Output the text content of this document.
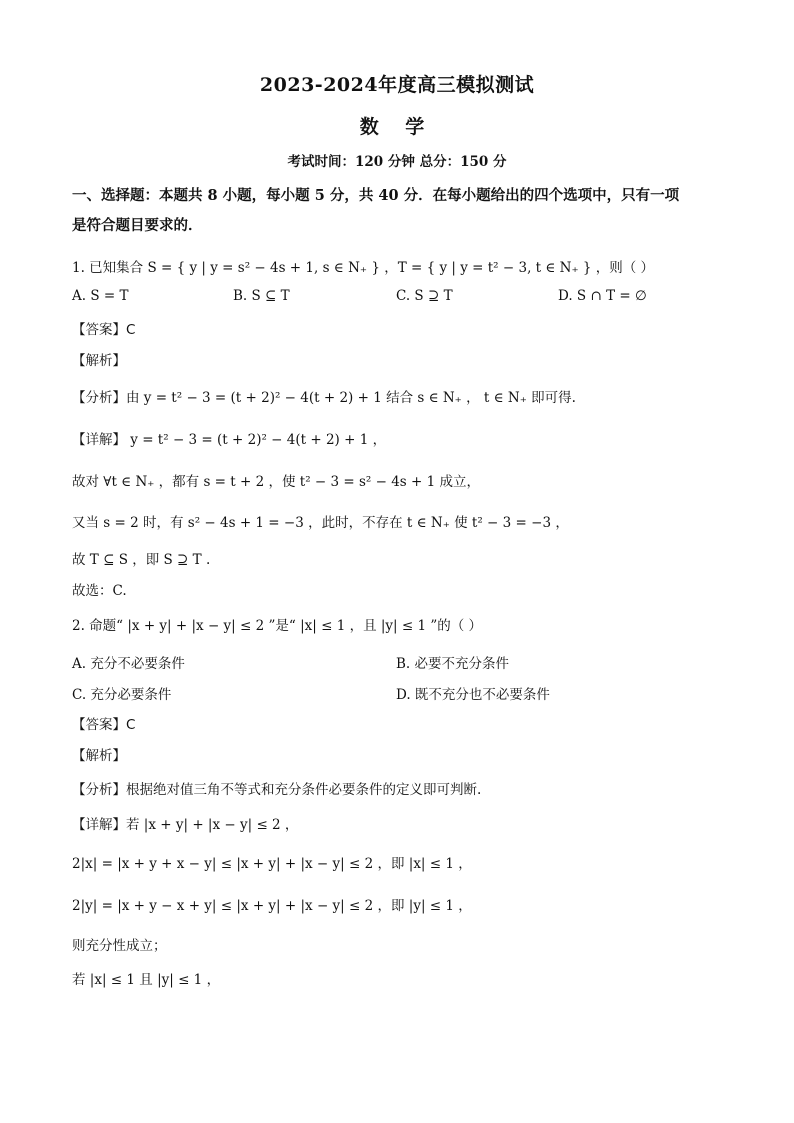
2023-2024年度高三模拟测试
数 学
考试时间：120 分钟 总分：150 分
一、选择题：本题共 8 小题，每小题 5 分，共 40 分．在每小题给出的四个选项中，只有一项
是符合题目要求的．
1. 已知集合 S = { y | y = s² − 4s + 1, s ∈ N₊ } ，T = { y | y = t² − 3, t ∈ N₊ } ，则（ ）
A. S = T	B. S ⊆ T	C. S ⊇ T	D. S ∩ T = ∅
【答案】C
【解析】
【分析】由 y = t² − 3 = (t + 2)² − 4(t + 2) + 1 结合 s ∈ N₊ ， t ∈ N₊ 即可得.
【详解】 y = t² − 3 = (t + 2)² − 4(t + 2) + 1 ，
故对 ∀t ∈ N₊ ，都有 s = t + 2 ，使 t² − 3 = s² − 4s + 1 成立，
又当 s = 2 时，有 s² − 4s + 1 = −3 ，此时，不存在 t ∈ N₊ 使 t² − 3 = −3 ，
故 T ⊆ S ，即 S ⊇ T .
故选：C.
2. 命题“ |x + y| + |x − y| ≤ 2 ”是“ |x| ≤ 1 ，且 |y| ≤ 1 ”的（ ）
A. 充分不必要条件	B. 必要不充分条件
C. 充分必要条件	D. 既不充分也不必要条件
【答案】C
【解析】
【分析】根据绝对值三角不等式和充分条件必要条件的定义即可判断.
【详解】若 |x + y| + |x − y| ≤ 2 ，
2|x| = |x + y + x − y| ≤ |x + y| + |x − y| ≤ 2 ，即 |x| ≤ 1 ，
2|y| = |x + y − x + y| ≤ |x + y| + |x − y| ≤ 2 ，即 |y| ≤ 1 ，
则充分性成立；
若 |x| ≤ 1 且 |y| ≤ 1 ，
